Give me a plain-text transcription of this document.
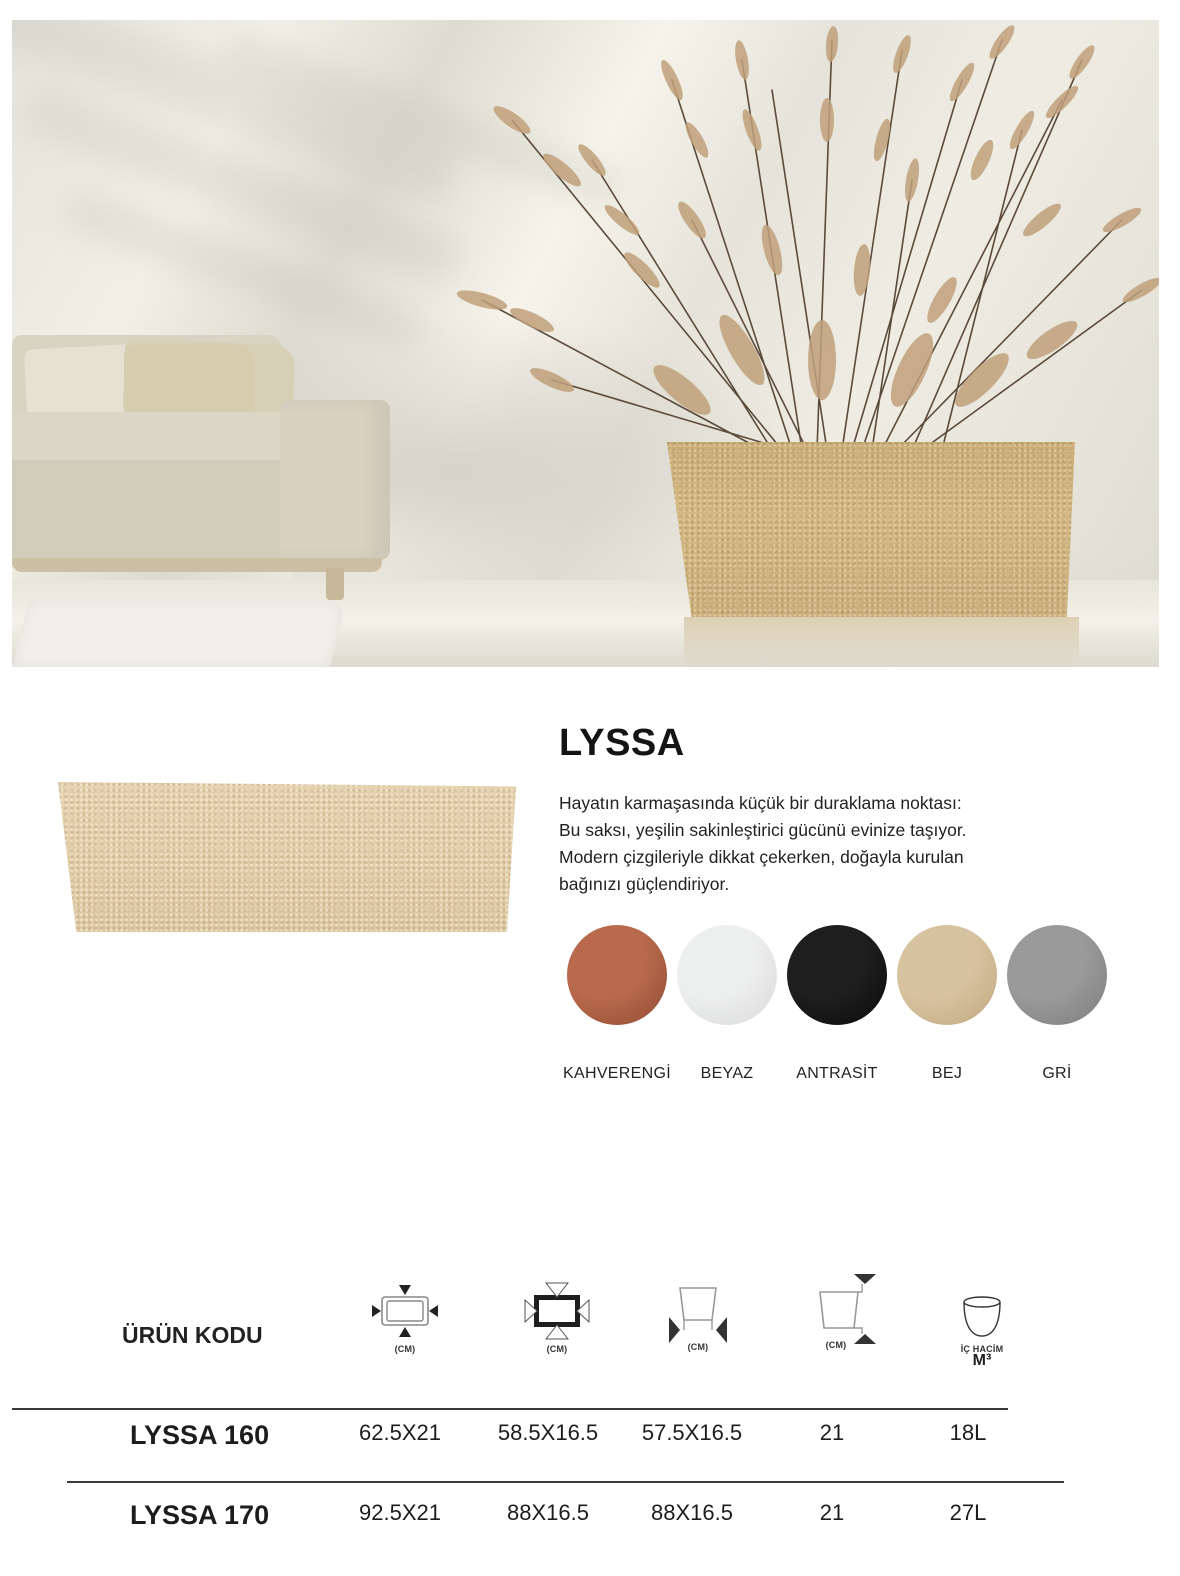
LYSSA
Hayatın karmaşasında küçük bir duraklama noktası:
Bu saksı, yeşilin sakinleştirici gücünü evinize taşıyor.
Modern çizgileriyle dikkat çekerken, doğayla kurulan
bağınızı güçlendiriyor.
KAHVERENGİ BEYAZ	ANTRASİT	BEJ	GRİ
ÜRÜN KODU
(CM)	(CM)	(CM)	(CM)	İÇ HACİM
M³
LYSSA 160	62.5X21	58.5X16.5	57.5X16.5	21	18L
LYSSA 170	92.5X21	88X16.5	88X16.5	21	27L
